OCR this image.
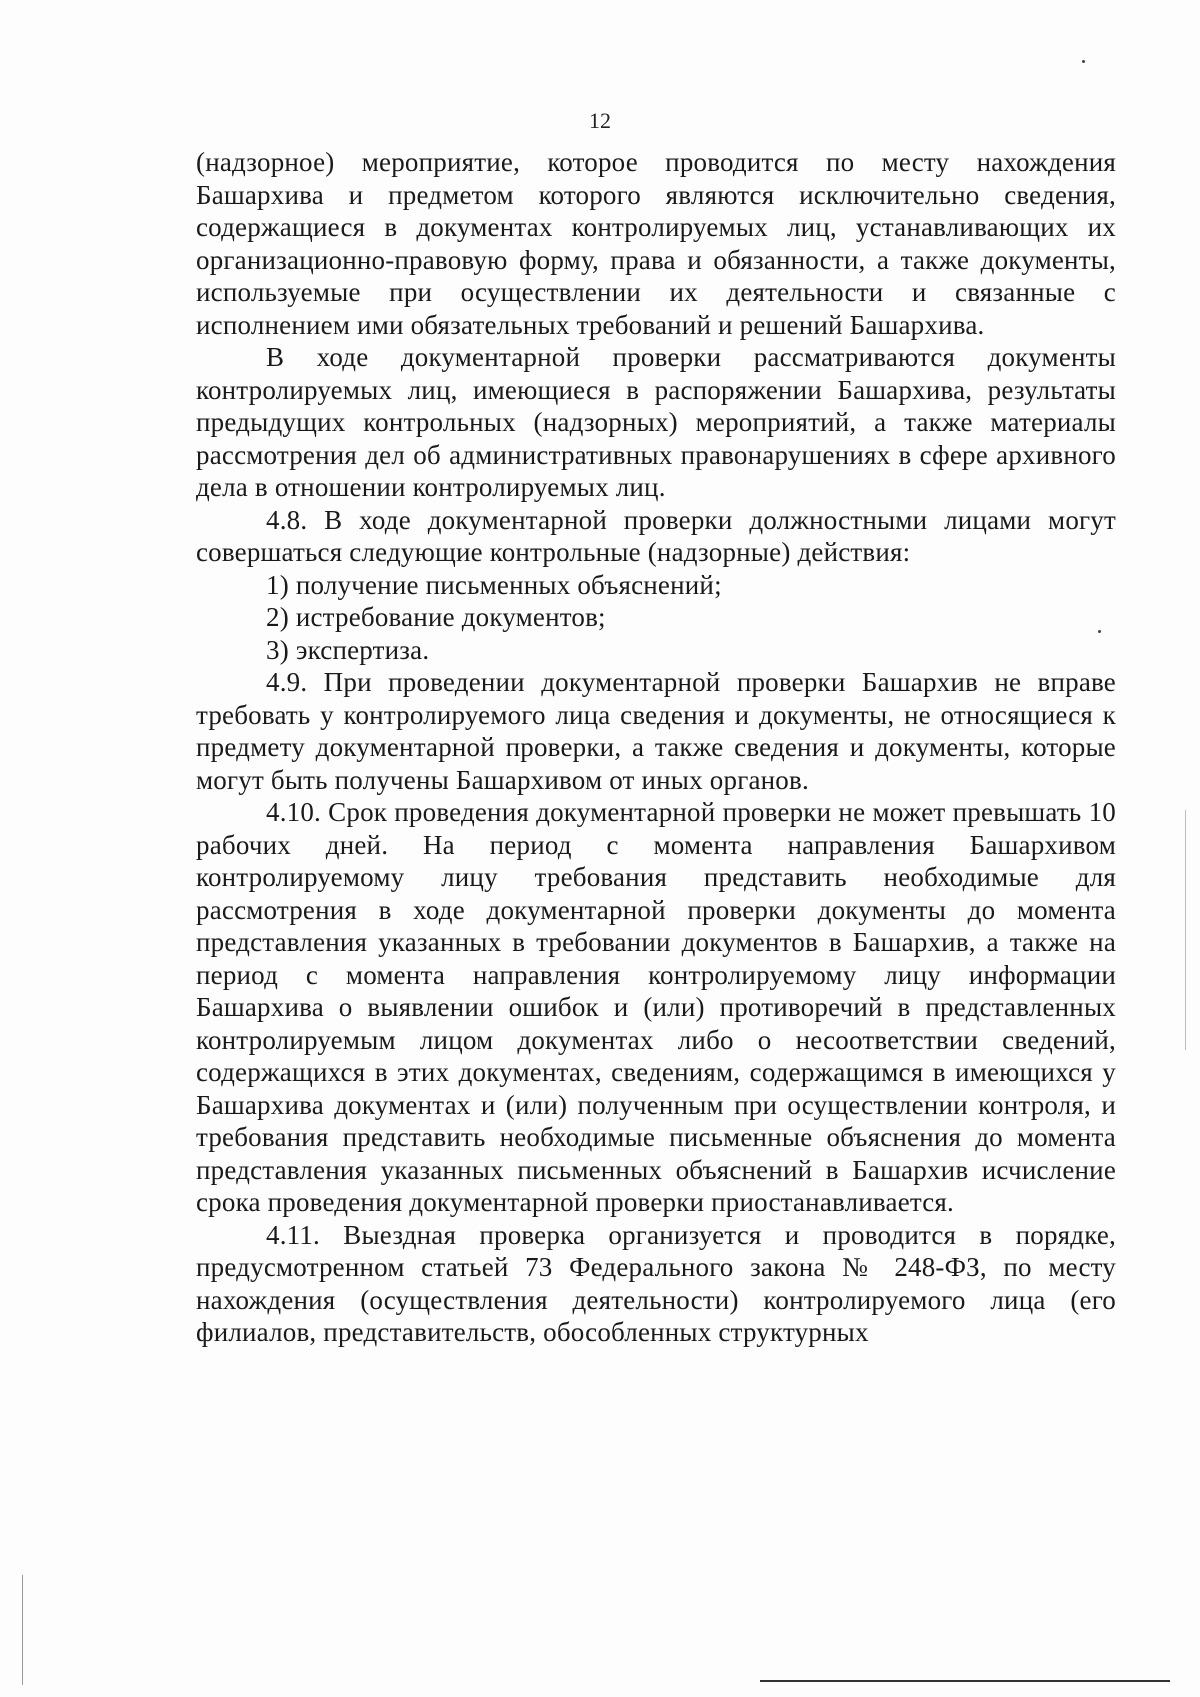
12

(надзорное) мероприятие, которое проводится по месту нахождения Башархива и предметом которого являются исключительно сведения, содержащиеся в документах контролируемых лиц, устанавливающих их организационно-правовую форму, права и обязанности, а также документы, используемые при осуществлении их деятельности и связанные с исполнением ими обязательных требований и решений Башархива.

В ходе документарной проверки рассматриваются документы контролируемых лиц, имеющиеся в распоряжении Башархива, результаты предыдущих контрольных (надзорных) мероприятий, а также материалы рассмотрения дел об административных правонарушениях в сфере архивного дела в отношении контролируемых лиц.

4.8. В ходе документарной проверки должностными лицами могут совершаться следующие контрольные (надзорные) действия:

1) получение письменных объяснений;

2) истребование документов;

3) экспертиза.

4.9. При проведении документарной проверки Башархив не вправе требовать у контролируемого лица сведения и документы, не относящиеся к предмету документарной проверки, а также сведения и документы, которые могут быть получены Башархивом от иных органов.

4.10. Срок проведения документарной проверки не может превышать 10 рабочих дней. На период с момента направления Башархивом контролируемому лицу требования представить необходимые для рассмотрения в ходе документарной проверки документы до момента представления указанных в требовании документов в Башархив, а также на период с момента направления контролируемому лицу информации Башархива о выявлении ошибок и (или) противоречий в представленных контролируемым лицом документах либо о несоответствии сведений, содержащихся в этих документах, сведениям, содержащимся в имеющихся у Башархива документах и (или) полученным при осуществлении контроля, и требования представить необходимые письменные объяснения до момента представления указанных письменных объяснений в Башархив исчисление срока проведения документарной проверки приостанавливается.

4.11. Выездная проверка организуется и проводится в порядке, предусмотренном статьей 73 Федерального закона № 248-ФЗ, по месту нахождения (осуществления деятельности) контролируемого лица (его филиалов, представительств, обособленных структурных
